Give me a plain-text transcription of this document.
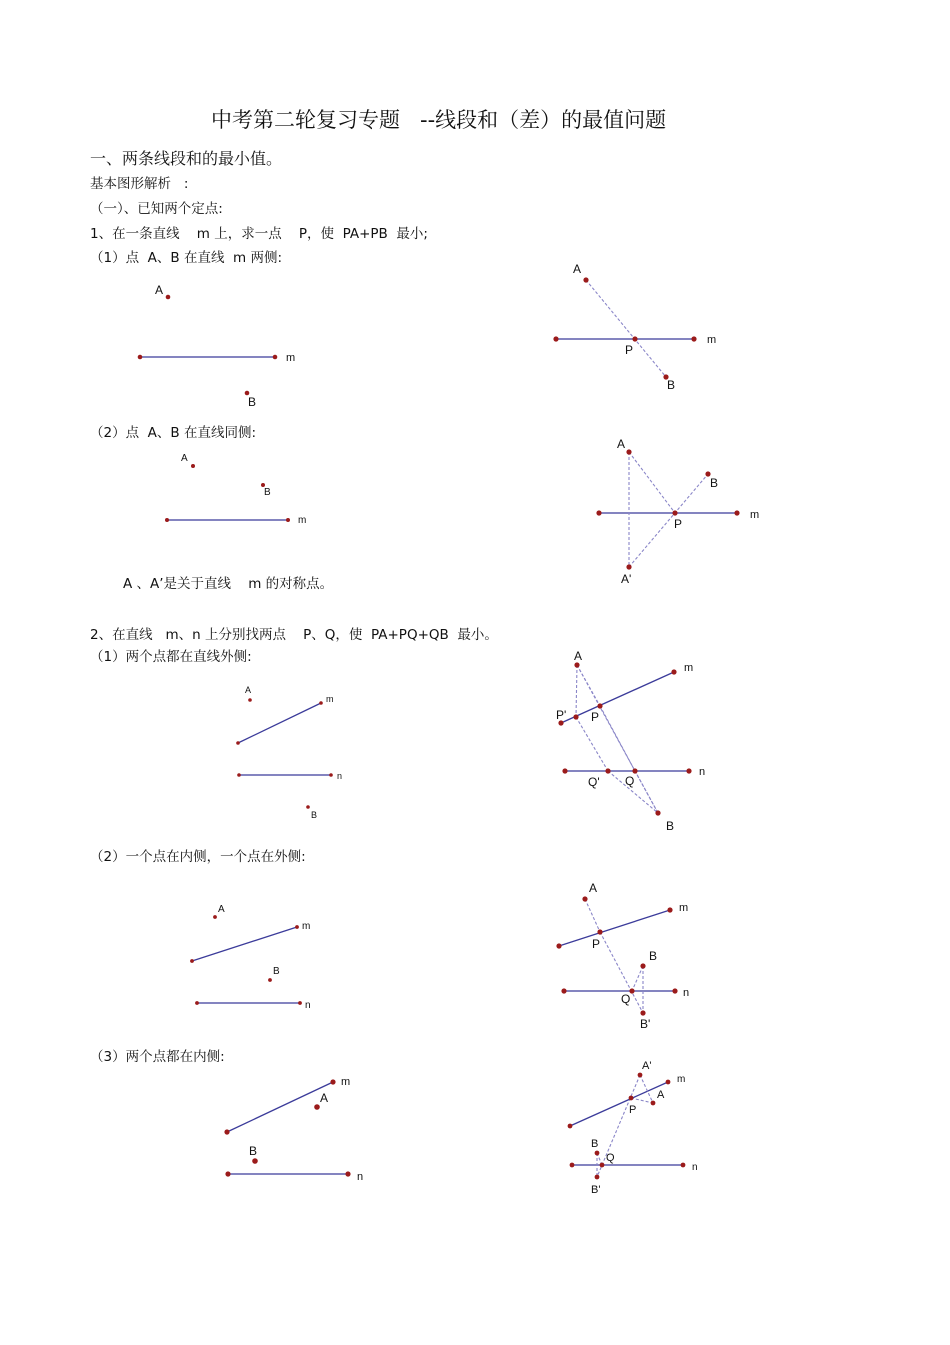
中考第二轮复习专题   --线段和（差）的最值问题
一、两条线段和的最小值。
基本图形解析   :
（一）、已知两个定点:
1、在一条直线    m 上，求一点    P，使  PA+PB  最小;
（1）点  A、B 在直线  m 两侧:
（2）点  A、B 在直线同侧:
A 、A’是关于直线    m 的对称点。
2、在直线   m、n 上分别找两点    P、Q，使  PA+PQ+QB  最小。
（1）两个点都在直线外侧:
（2）一个点在内侧，一个点在外侧:
（3）两个点都在内侧:
A
B
m
A
B
P
m
A
B
m
A
B
P
m
A'
A
B
m
n
A
m
P' P
n
Q' Q
B
A
B
m
n
A
m
P
B
n
Q
B'
A
B
m
n
A'
m
A
P
B
Q
n
B'
